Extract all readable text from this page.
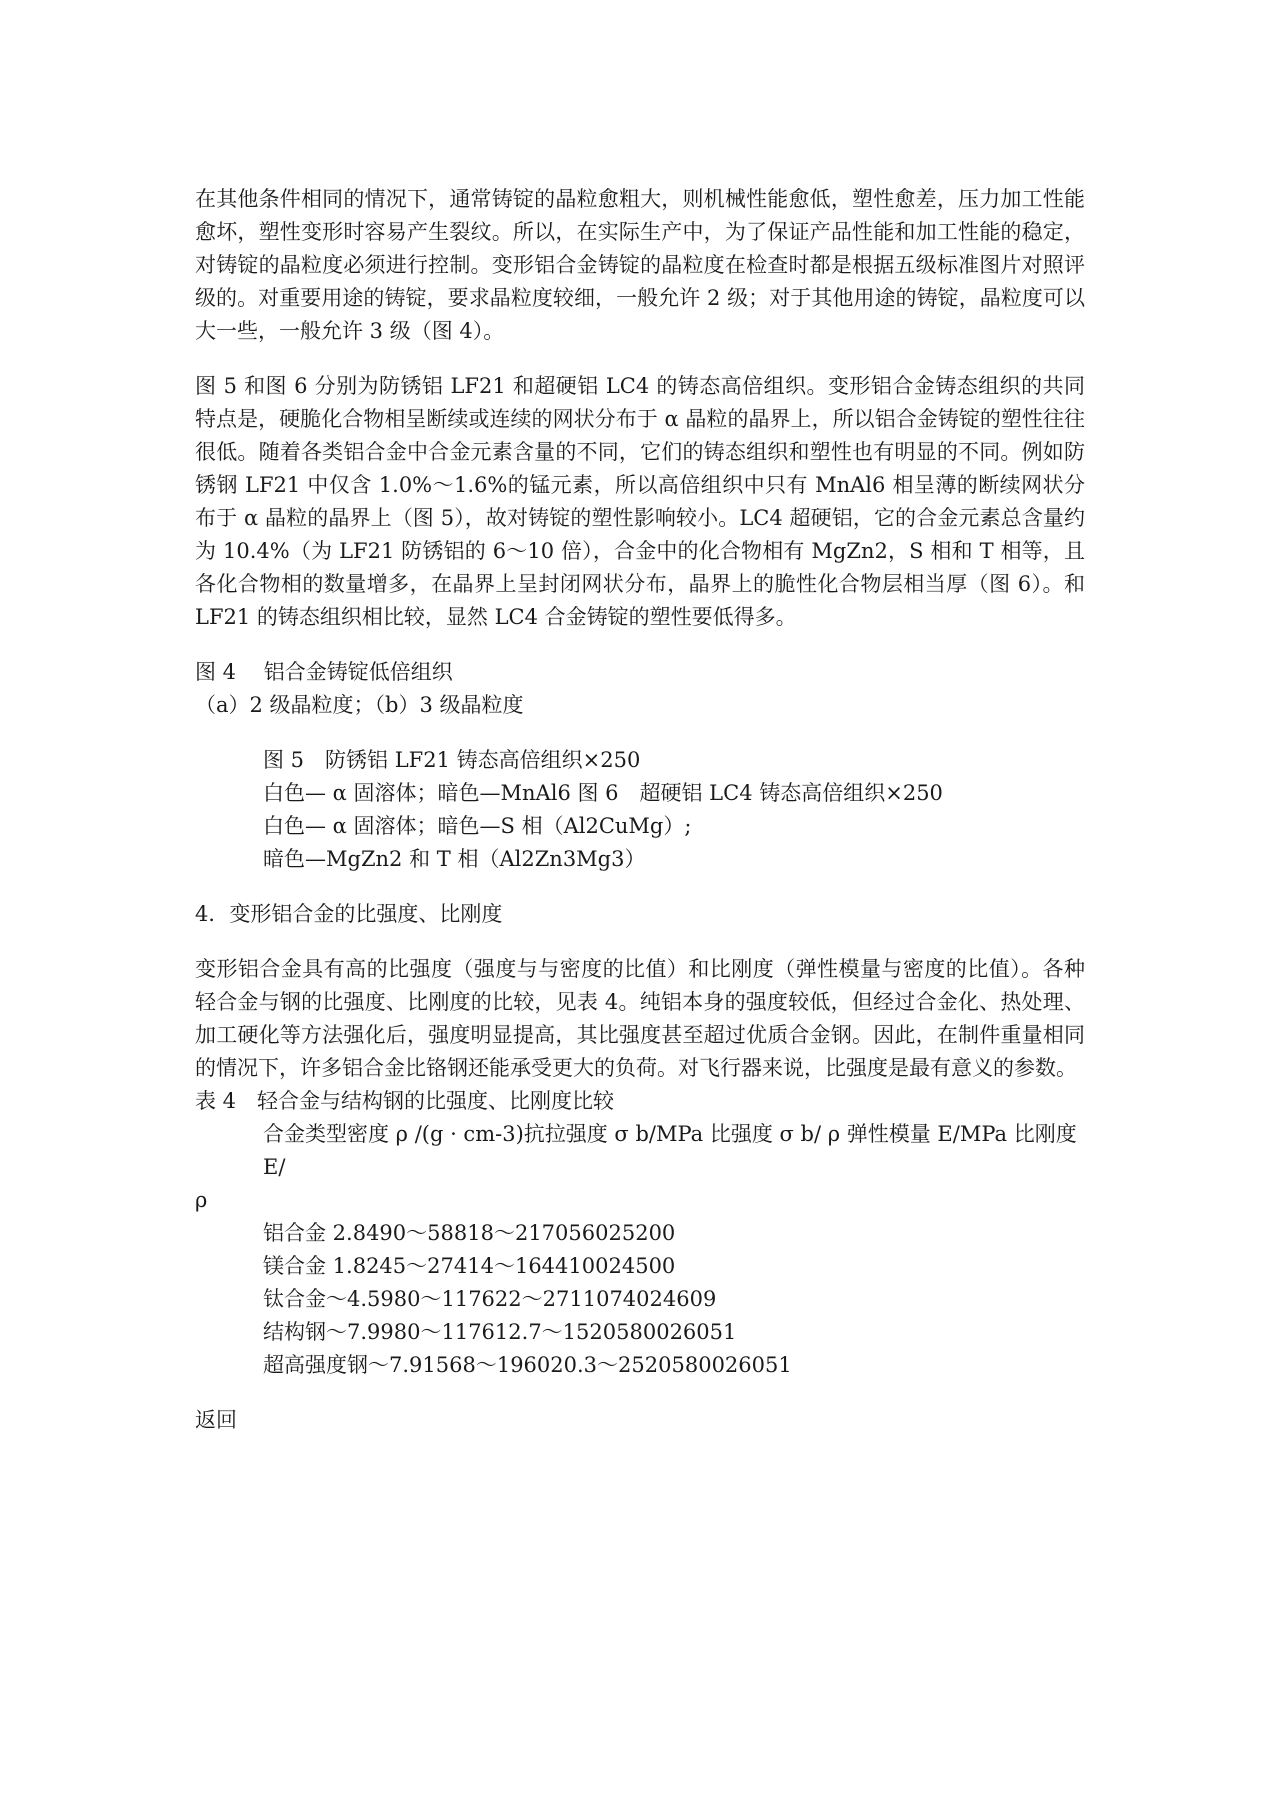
在其他条件相同的情况下，通常铸锭的晶粒愈粗大，则机械性能愈低，塑性愈差，压力加工性能愈坏，塑性变形时容易产生裂纹。所以，在实际生产中，为了保证产品性能和加工性能的稳定，对铸锭的晶粒度必须进行控制。变形铝合金铸锭的晶粒度在检查时都是根据五级标准图片对照评级的。对重要用途的铸锭，要求晶粒度较细，一般允许 2 级；对于其他用途的铸锭，晶粒度可以大一些，一般允许 3 级（图 4）。

图 5 和图 6 分别为防锈铝 LF21 和超硬铝 LC4 的铸态高倍组织。变形铝合金铸态组织的共同特点是，硬脆化合物相呈断续或连续的网状分布于 α 晶粒的晶界上，所以铝合金铸锭的塑性往往很低。随着各类铝合金中合金元素含量的不同，它们的铸态组织和塑性也有明显的不同。例如防锈钢 LF21 中仅含 1.0%～1.6%的锰元素，所以高倍组织中只有 MnAl6 相呈薄的断续网状分布于 α 晶粒的晶界上（图 5），故对铸锭的塑性影响较小。LC4 超硬铝，它的合金元素总含量约为 10.4%（为 LF21 防锈铝的 6～10 倍），合金中的化合物相有 MgZn2，S 相和 T 相等，且各化合物相的数量增多，在晶界上呈封闭网状分布，晶界上的脆性化合物层相当厚（图 6）。和 LF21 的铸态组织相比较，显然 LC4 合金铸锭的塑性要低得多。

图 4　 铝合金铸锭低倍组织

（a）2 级晶粒度；（b）3 级晶粒度

图 5　防锈铝 LF21 铸态高倍组织×250

白色— α 固溶体；暗色—MnAl6 图 6　超硬铝 LC4 铸态高倍组织×250

白色— α 固溶体；暗色—S 相（Al2CuMg）;

暗色—MgZn2 和 T 相（Al2Zn3Mg3）

4．变形铝合金的比强度、比刚度

变形铝合金具有高的比强度（强度与与密度的比值）和比刚度（弹性模量与密度的比值）。各种轻合金与钢的比强度、比刚度的比较，见表 4。纯铝本身的强度较低，但经过合金化、热处理、加工硬化等方法强化后，强度明显提高，其比强度甚至超过优质合金钢。因此，在制件重量相同的情况下，许多铝合金比铬钢还能承受更大的负荷。对飞行器来说，比强度是最有意义的参数。

表 4　轻合金与结构钢的比强度、比刚度比较

合金类型密度 ρ /(g · cm-3)抗拉强度 σ b/MPa 比强度 σ b/ ρ 弹性模量 E/MPa 比刚度 E/

ρ

铝合金 2.8490～58818～217056025200

镁合金 1.8245～27414～164410024500

钛合金～4.5980～117622～2711074024609

结构钢～7.9980～117612.7～1520580026051

超高强度钢～7.91568～196020.3～2520580026051

返回
